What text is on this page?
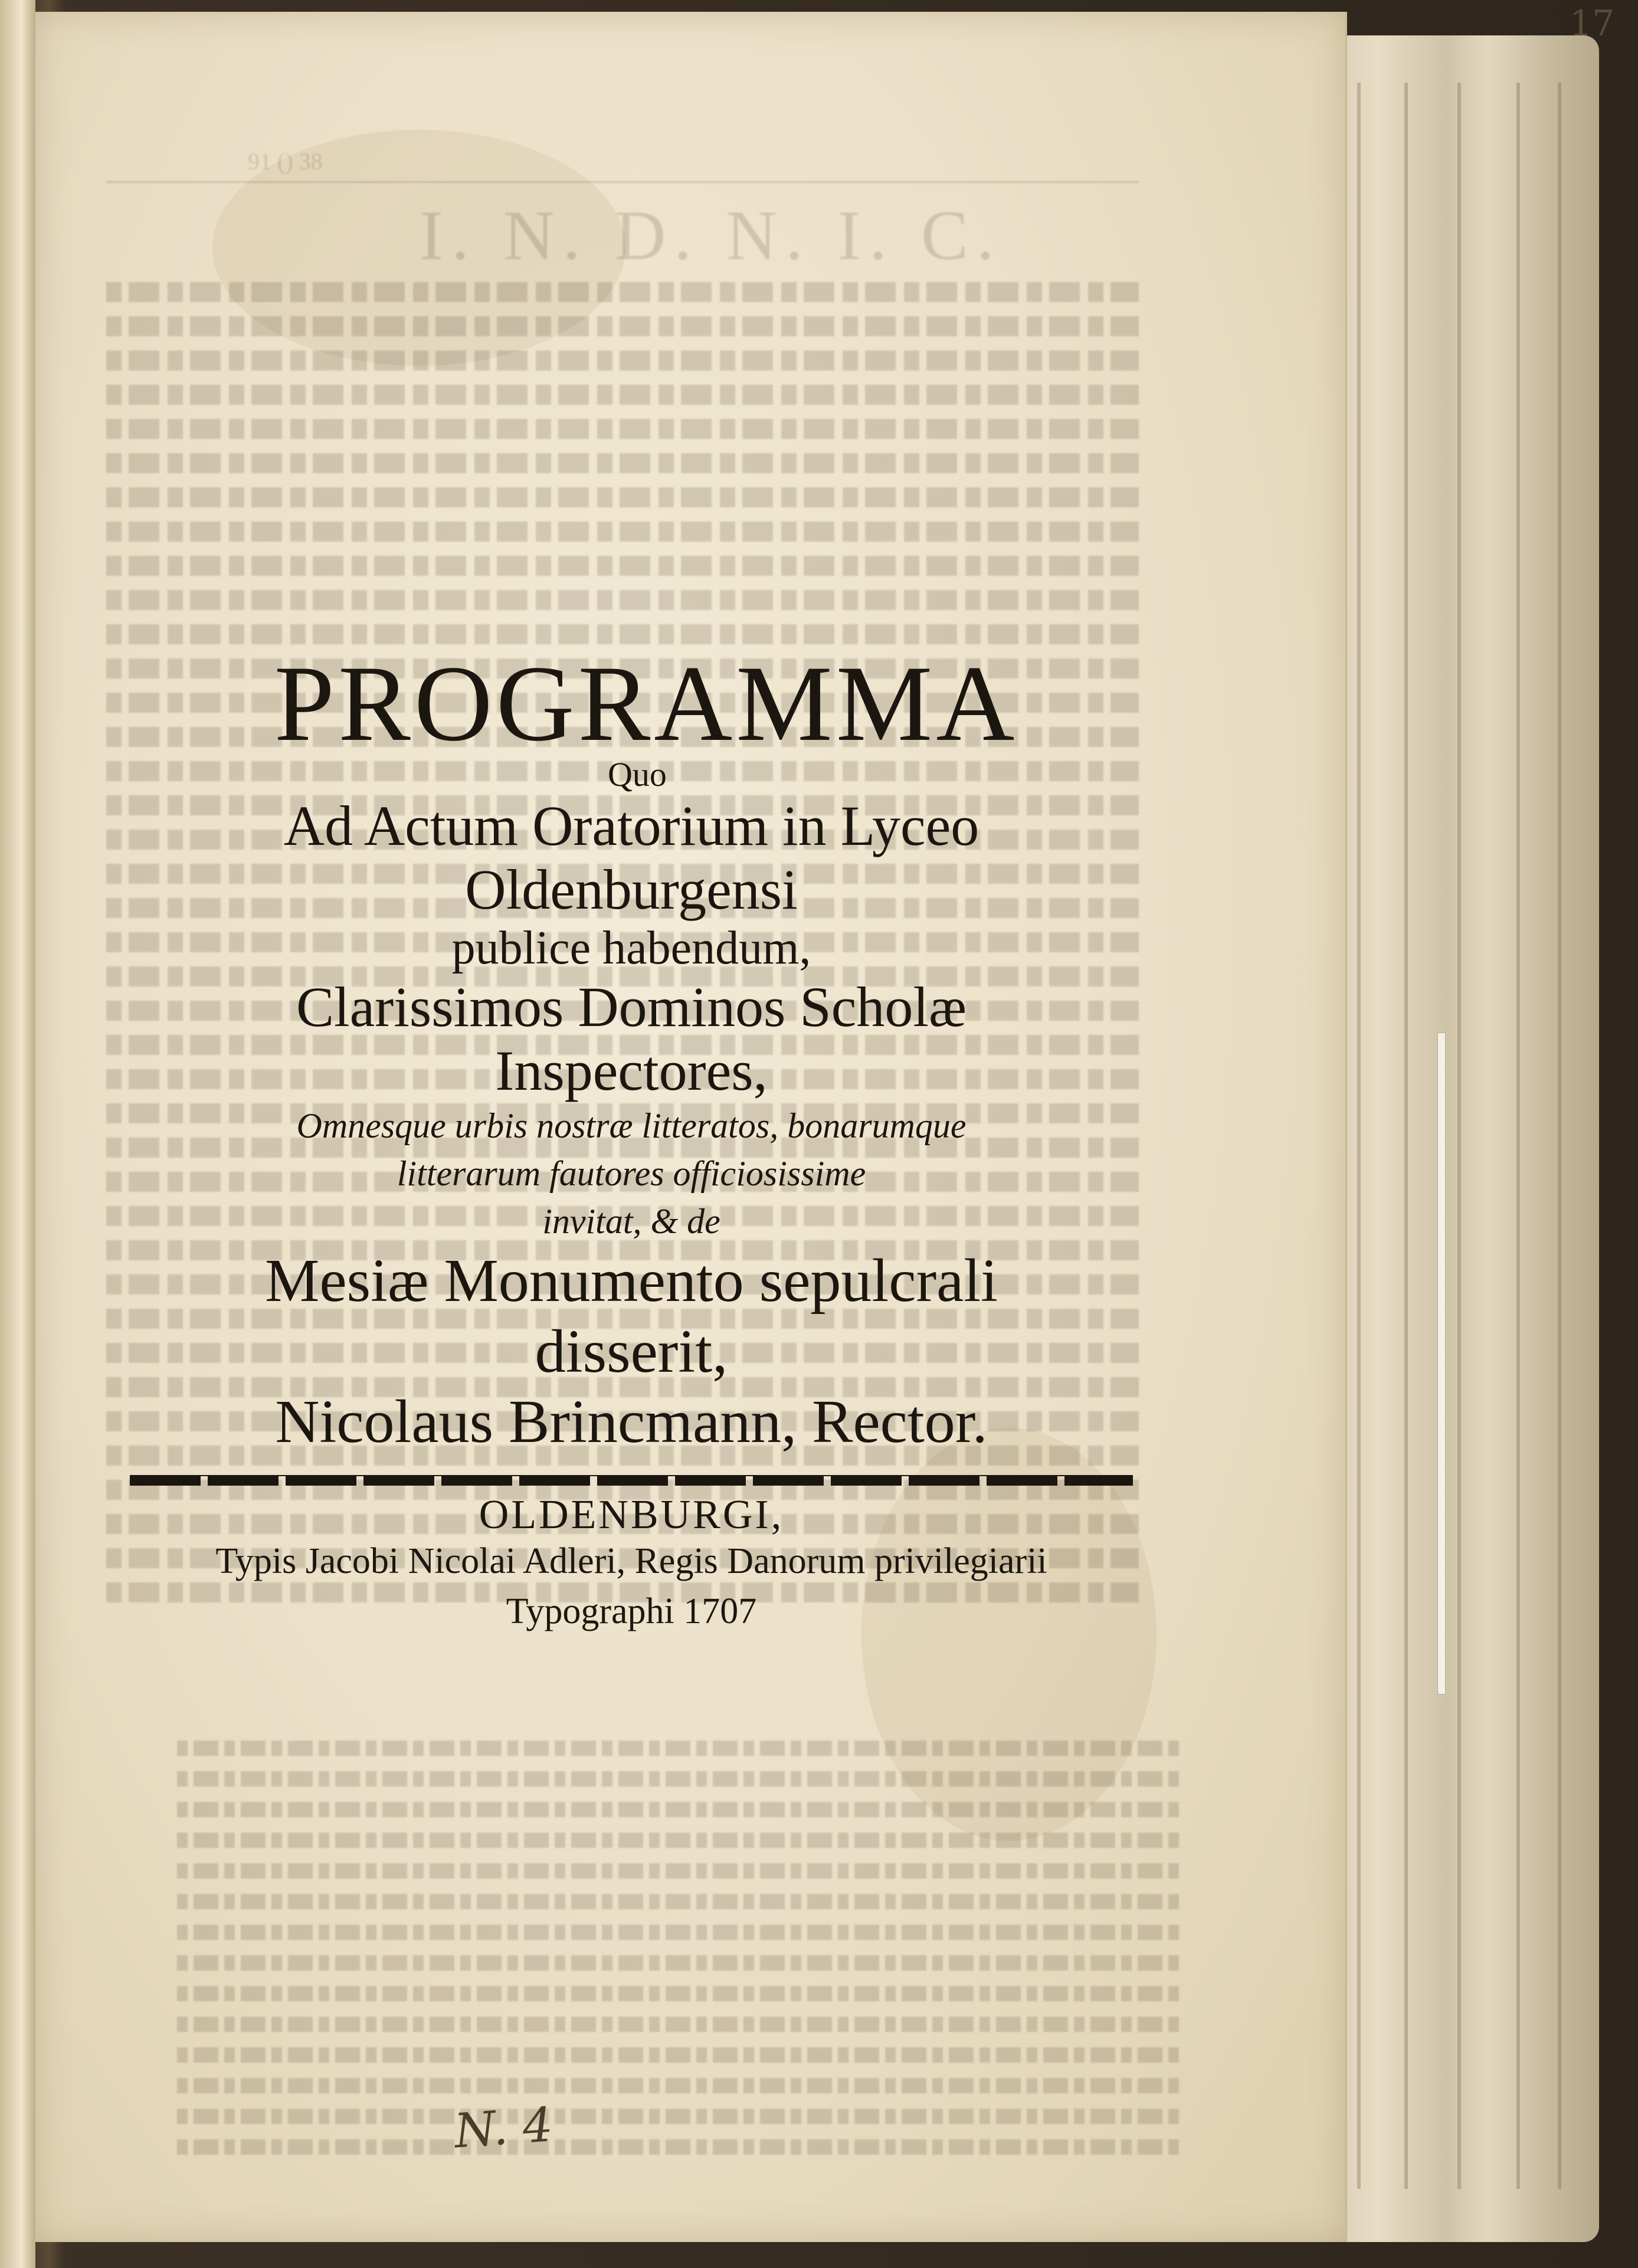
17
91 () 38
I. N. D. N. I. C.
PROGRAMMA
Quo
Ad Actum Oratorium in Lyceo Oldenburgensi
publice habendum,
Clarissimos Dominos Scholæ
Inspectores,
Omnesque urbis nostræ litteratos, bonarumque
litterarum fautores officiosissime
invitat, & de
Mesiæ Monumento sepulcrali
disserit,
Nicolaus Brincmann, Rector.
OLDENBURGI,
Typis Jacobi Nicolai Adleri, Regis Danorum privilegiarii
Typographi 1707
N. 4
